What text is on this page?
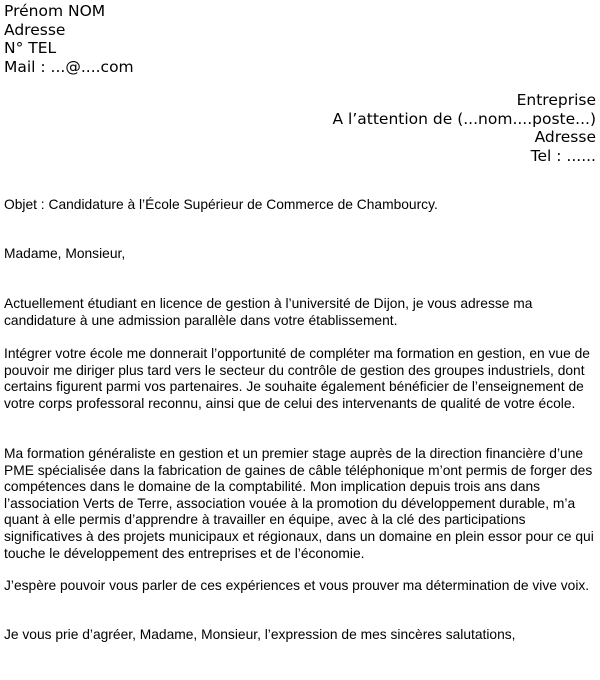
Prénom NOM
Adresse
N° TEL
Mail : ...@....com
Entreprise
A l’attention de (...nom....poste...)
Adresse
Tel : ......

Objet : Candidature à l’École Supérieur de Commerce de Chambourcy.

Madame, Monsieur,

Actuellement étudiant en licence de gestion à l’université de Dijon, je vous adresse ma candidature à une admission parallèle dans votre établissement.

Intégrer votre école me donnerait l’opportunité de compléter ma formation en gestion, en vue de pouvoir me diriger plus tard vers le secteur du contrôle de gestion des groupes industriels, dont certains figurent parmi vos partenaires. Je souhaite également bénéficier de l’enseignement de votre corps professoral reconnu, ainsi que de celui des intervenants de qualité de votre école.

Ma formation généraliste en gestion et un premier stage auprès de la direction financière d’une PME spécialisée dans la fabrication de gaines de câble téléphonique m’ont permis de forger des compétences dans le domaine de la comptabilité. Mon implication depuis trois ans dans l’association Verts de Terre, association vouée à la promotion du développement durable, m’a quant à elle permis d’apprendre à travailler en équipe, avec à la clé des participations significatives à des projets municipaux et régionaux, dans un domaine en plein essor pour ce qui touche le développement des entreprises et de l’économie.

J’espère pouvoir vous parler de ces expériences et vous prouver ma détermination de vive voix.

Je vous prie d’agréer, Madame, Monsieur, l’expression de mes sincères salutations,
